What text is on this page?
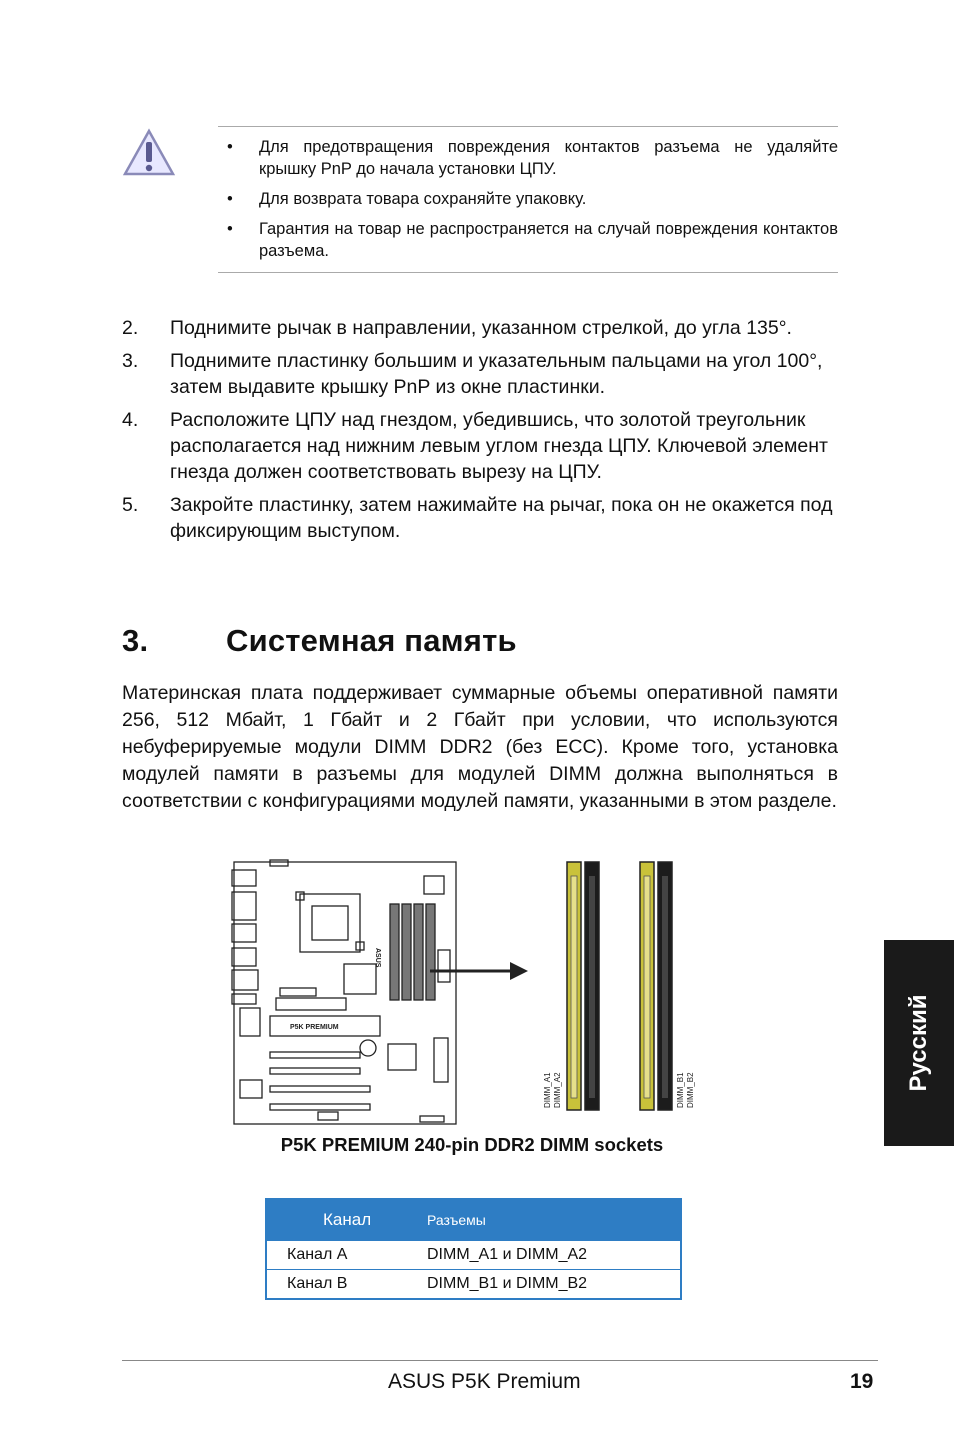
• Для предотвращения повреждения контактов разъема не удаляйте крышку PnP до начала установки ЦПУ.
• Для возврата товара сохраняйте упаковку.
• Гарантия на товар не распространяется на случай повреждения контактов разъема.
2. Поднимите рычак в направлении, указанном стрелкой, до угла 135°.
3. Поднимите пластинку большим и указательным пальцами на угол 100°, затем выдавите крышку PnP из окне пластинки.
4. Расположите ЦПУ над гнездом, убедившись, что золотой треугольник располагается над нижним левым углом гнезда ЦПУ. Ключевой элемент гнезда должен соответствовать вырезу на ЦПУ.
5. Закройте пластинку, затем нажимайте на рычаг, пока он не окажется под фиксирующим выступом.
3.	Системная память
Материнская плата поддерживает суммарные объемы оперативной памяти 256, 512 Мбайт, 1 Гбайт и 2 Гбайт при условии, что используются небуферируемые модули DIMM DDR2 (без ECC). Кроме того, установка модулей памяти в разъемы для модулей DIMM должна выполняться в соответствии с конфигурациями модулей памяти, указанными в этом разделе.
ASUS
P5K PREMIUM
DIMM_A1 DIMM_A2	DIMM_B1 DIMM_B2
P5K PREMIUM 240-pin DDR2 DIMM sockets
Канал	Разъемы
Канал A	DIMM_A1 и DIMM_A2
Канал B	DIMM_B1 и DIMM_B2
Русский
ASUS P5K Premium	19
